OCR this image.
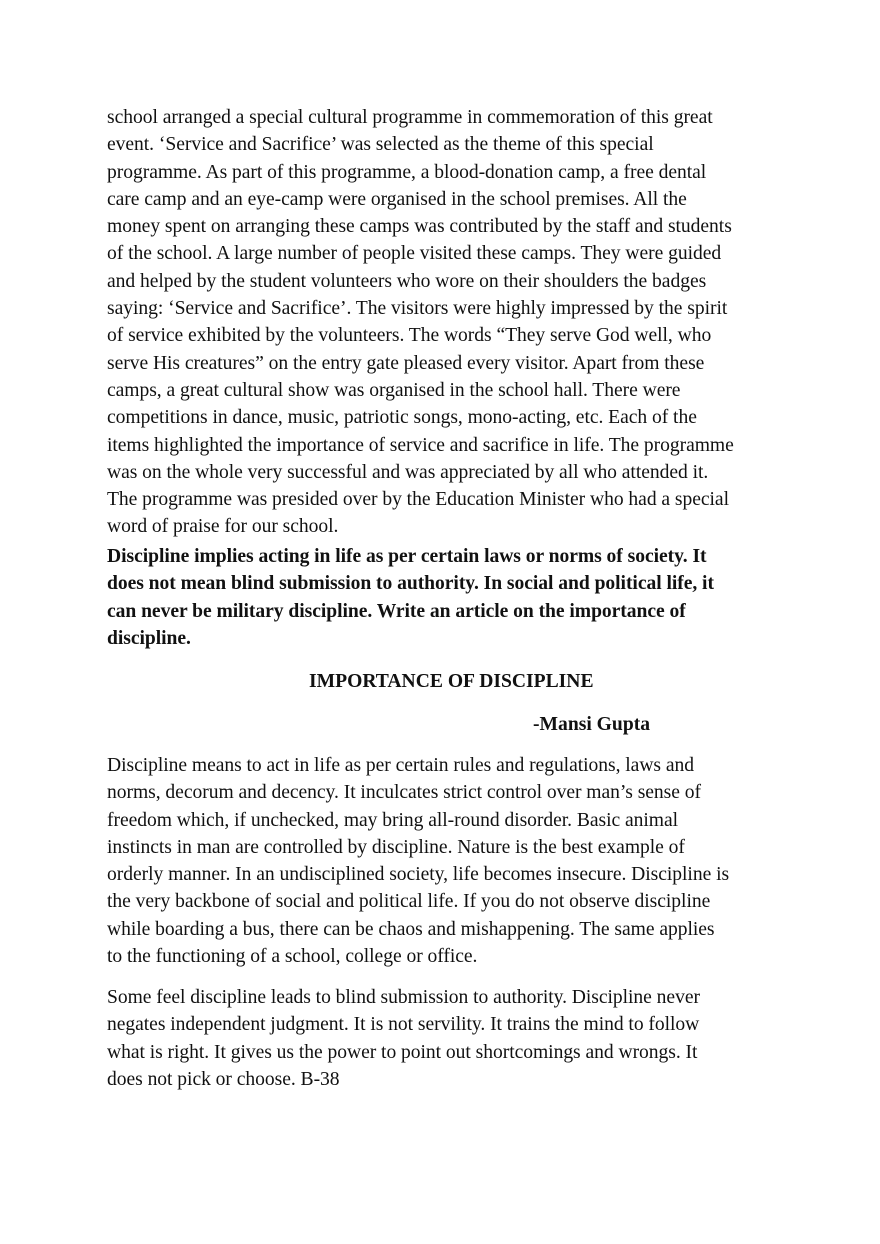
school arranged a special cultural programme in commemoration of this great
event. ‘Service and Sacrifice’ was selected as the theme of this special
programme. As part of this programme, a blood-donation camp, a free dental
care camp and an eye-camp were organised in the school premises. All the
money spent on arranging these camps was contributed by the staff and students
of the school. A large number of people visited these camps. They were guided
and helped by the student volunteers who wore on their shoulders the badges
saying: ‘Service and Sacrifice’. The visitors were highly impressed by the spirit
of service exhibited by the volunteers. The words “They serve God well, who
serve His creatures” on the entry gate pleased every visitor. Apart from these
camps, a great cultural show was organised in the school hall. There were
competitions in dance, music, patriotic songs, mono-acting, etc. Each of the
items highlighted the importance of service and sacrifice in life. The programme
was on the whole very successful and was appreciated by all who attended it.
The programme was presided over by the Education Minister who had a special
word of praise for our school.
Discipline implies acting in life as per certain laws or norms of society. It
does not mean blind submission to authority. In social and political life, it
can never be military discipline. Write an article on the importance of
discipline.
IMPORTANCE OF DISCIPLINE
-Mansi Gupta
Discipline means to act in life as per certain rules and regulations, laws and
norms, decorum and decency. It inculcates strict control over man’s sense of
freedom which, if unchecked, may bring all-round disorder. Basic animal
instincts in man are controlled by discipline. Nature is the best example of
orderly manner. In an undisciplined society, life becomes insecure. Discipline is
the very backbone of social and political life. If you do not observe discipline
while boarding a bus, there can be chaos and mishappening. The same applies
to the functioning of a school, college or office.
Some feel discipline leads to blind submission to authority. Discipline never
negates independent judgment. It is not servility. It trains the mind to follow
what is right. It gives us the power to point out shortcomings and wrongs. It
does not pick or choose. B-38
